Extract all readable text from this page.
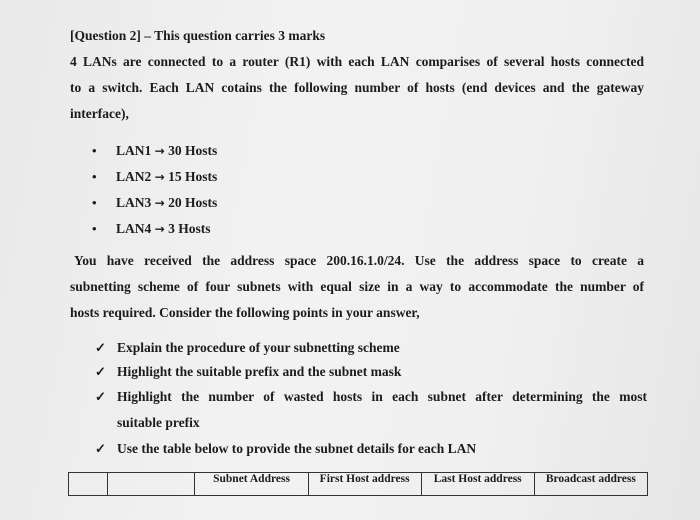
[Question 2] – This question carries 3 marks
4 LANs are connected to a router (R1) with each LAN comparises of several hosts connected
to a switch. Each LAN cotains the following number of hosts (end devices and the gateway
interface),
• LAN1 → 30 Hosts
• LAN2 → 15 Hosts
• LAN3 → 20 Hosts
• LAN4 → 3 Hosts
You have received the address space 200.16.1.0/24. Use the address space to create a
subnetting scheme of four subnets with equal size in a way to accommodate the number of
hosts required. Consider the following points in your answer,
✓ Explain the procedure of your subnetting scheme
✓ Highlight the suitable prefix and the subnet mask
✓ Highlight the number of wasted hosts in each subnet after determining the most
suitable prefix
✓ Use the table below to provide the subnet details for each LAN
		Subnet Address	First Host address	Last Host address	Broadcast address
